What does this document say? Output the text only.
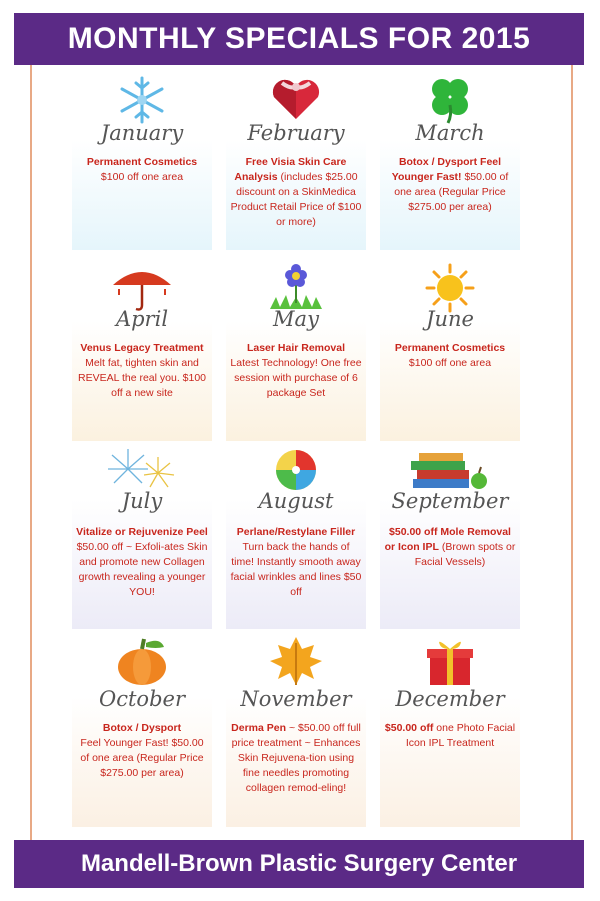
MONTHLY SPECIALS FOR 2015
January
Permanent Cosmetics
$100 off one area
February
Free Visia Skin Care Analysis (includes $25.00 discount on a SkinMedica Product Retail Price of $100 or more)
March
Botox / Dysport Feel Younger Fast! $50.00 of one area (Regular Price $275.00 per area)
April
Venus Legacy Treatment
Melt fat, tighten skin and REVEAL the real you. $100 off a new site
May
Laser Hair Removal
Latest Technology! One free session with purchase of 6 package Set
June
Permanent Cosmetics
$100 off one area
July
Vitalize or Rejuvenize Peel $50.00 off ~ Exfoli-ates Skin and promote new Collagen growth revealing a younger YOU!
August
Perlane/Restylane Filler
Turn back the hands of time! Instantly smooth away facial wrinkles and lines $50 off
September
$50.00 off Mole Removal or Icon IPL (Brown spots or Facial Vessels)
October
Botox / Dysport
Feel Younger Fast! $50.00 of one area (Regular Price $275.00 per area)
November
Derma Pen ~ $50.00 off full price treatment ~ Enhances Skin Rejuvena-tion using fine needles promoting collagen remod-eling!
December
$50.00 off one Photo Facial Icon IPL Treatment
Mandell-Brown Plastic Surgery Center
